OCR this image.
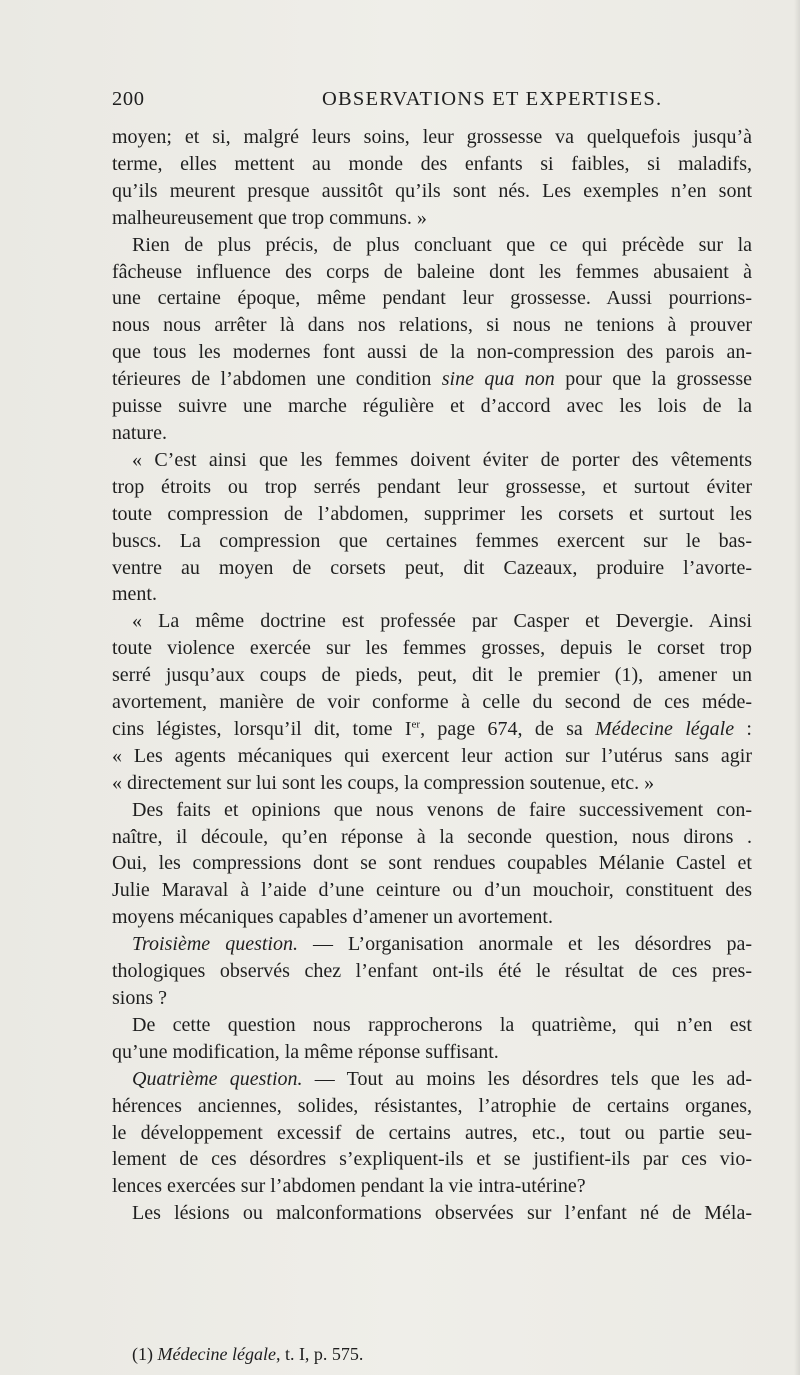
200	OBSERVATIONS ET EXPERTISES.
moyen; et si, malgré leurs soins, leur grossesse va quelquefois jusqu’à
terme, elles mettent au monde des enfants si faibles, si maladifs,
qu’ils meurent presque aussitôt qu’ils sont nés. Les exemples n’en sont
malheureusement que trop communs. »
Rien de plus précis, de plus concluant que ce qui précède sur la
fâcheuse influence des corps de baleine dont les femmes abusaient à
une certaine époque, même pendant leur grossesse. Aussi pourrions-
nous nous arrêter là dans nos relations, si nous ne tenions à prouver
que tous les modernes font aussi de la non-compression des parois an-
térieures de l’abdomen une condition sine qua non pour que la grossesse
puisse suivre une marche régulière et d’accord avec les lois de la
nature.
« C’est ainsi que les femmes doivent éviter de porter des vêtements
trop étroits ou trop serrés pendant leur grossesse, et surtout éviter
toute compression de l’abdomen, supprimer les corsets et surtout les
buscs. La compression que certaines femmes exercent sur le bas-
ventre au moyen de corsets peut, dit Cazeaux, produire l’avorte-
ment.
« La même doctrine est professée par Casper et Devergie. Ainsi
toute violence exercée sur les femmes grosses, depuis le corset trop
serré jusqu’aux coups de pieds, peut, dit le premier (1), amener un
avortement, manière de voir conforme à celle du second de ces méde-
cins légistes, lorsqu’il dit, tome Ier, page 674, de sa Médecine légale :
« Les agents mécaniques qui exercent leur action sur l’utérus sans agir
« directement sur lui sont les coups, la compression soutenue, etc. »
Des faits et opinions que nous venons de faire successivement con-
naître, il découle, qu’en réponse à la seconde question, nous dirons .
Oui, les compressions dont se sont rendues coupables Mélanie Castel et
Julie Maraval à l’aide d’une ceinture ou d’un mouchoir, constituent des
moyens mécaniques capables d’amener un avortement.
Troisième question. — L’organisation anormale et les désordres pa-
thologiques observés chez l’enfant ont-ils été le résultat de ces pres-
sions ?
De cette question nous rapprocherons la quatrième, qui n’en est
qu’une modification, la même réponse suffisant.
Quatrième question. — Tout au moins les désordres tels que les ad-
hérences anciennes, solides, résistantes, l’atrophie de certains organes,
le développement excessif de certains autres, etc., tout ou partie seu-
lement de ces désordres s’expliquent-ils et se justifient-ils par ces vio-
lences exercées sur l’abdomen pendant la vie intra-utérine?
Les lésions ou malconformations observées sur l’enfant né de Méla-
(1) Médecine légale, t. I, p. 575.
